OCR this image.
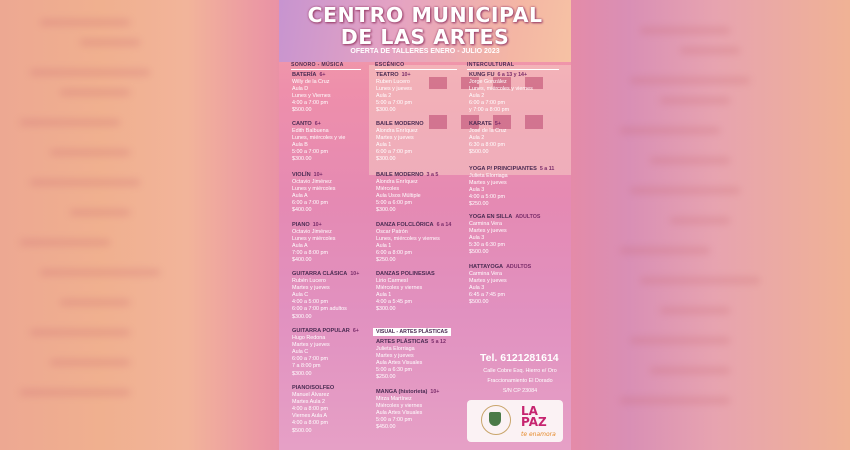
CENTRO MUNICIPAL
DE LAS ARTES
OFERTA DE TALLERES ENERO - JULIO 2023
SONORO - MÚSICA	ESCÉNICO	INTERCULTURAL
VISUAL - ARTES PLÁSTICAS
BATERÍA 6+
Willy de la Cruz
Aula D
Lunes y Viernes
4:00 a 7:00 pm
$500.00
CANTO 6+
Edith Balbuena
Lunes, miércoles y vie
Aula B
5:00 a 7:00 pm
$300.00
VIOLÍN 10+
Octavio Jiménez
Lunes y miércoles
Aula A
6:00 a 7:00 pm
$400.00
PIANO 10+
Octavio Jiménez
Lunes y miércoles
Aula A
7:00 a 8:00 pm
$400.00
GUITARRA CLÁSICA 10+
Rubén Lucero
Martes y jueves
Aula C
4:00 a 5:00 pm
6:00 a 7:00 pm adultos
$300.00
GUITARRA POPULAR 6+
Hugo Redona
Martes y jueves
Aula C
6:00 a 7:00 pm
7 a 8:00 pm
$300.00
PIANO/SOLFEO
Manuel Álvarez
Martes Aula 2
4:00 a 8:00 pm
Viernes Aula A
4:00 a 8:00 pm
$500.00
TEATRO 10+
Ruben Lucero
Lunes y jueves
Aula 2
5:00 a 7:00 pm
$300.00
BAILE MODERNO
Alondra Enríquez
Martes y jueves
Aula 1
6:00 a 7:00 pm
$300.00
BAILE MODERNO 3 a 5
Alondra Enríquez
Miércoles
Aula Usos Múltiple
5:00 a 6:00 pm
$300.00
DANZA FOLCLÓRICA 6 a 14
Oscar Patrón
Lunes, miércoles y viernes
Aula 1
6:00 a 8:00 pm
$250.00
DANZAS POLINESIAS
Lirio Carmesí
Miércoles y viernes
Aula 1
4:00 a 5:45 pm
$300.00
ARTES PLÁSTICAS 5 a 12
Julieta Elorriaga
Martes y jueves
Aula Artes Visuales
5:00 a 6:30 pm
$250.00
MANGA (historieta) 10+
Mirza Martínez
Miércoles y viernes
Aula Artes Visuales
5:00 a 7:00 pm
$450.00
KUNG FU 6 a 13 y 14+
Jorge González
Lunes, miércoles y viernes
Aula 2
6:00 a 7:00 pm
y 7:00 a 8:00 pm
KARATE 5+
José de la Cruz
Aula 2
6:30 a 8:00 pm
$500.00
YOGA P/ PRINCIPIANTES 5 a 11
Julieta Elorriaga
Martes y jueves
Aula 3
4:00 a 5:00 pm
$250.00
YOGA EN SILLA ADULTOS
Carmina Vera
Martes y jueves
Aula 3
5:30 a 6:30 pm
$500.00
HATTAYOGA ADULTOS
Carmina Vera
Martes y jueves
Aula 3
6:45 a 7:45 pm
$500.00
Tel. 6121281614
Calle Cobre Esq. Hierro e/ Oro
Fraccionamiento El Dorado
S/N CP 23084
LA PAZ
te enamora
